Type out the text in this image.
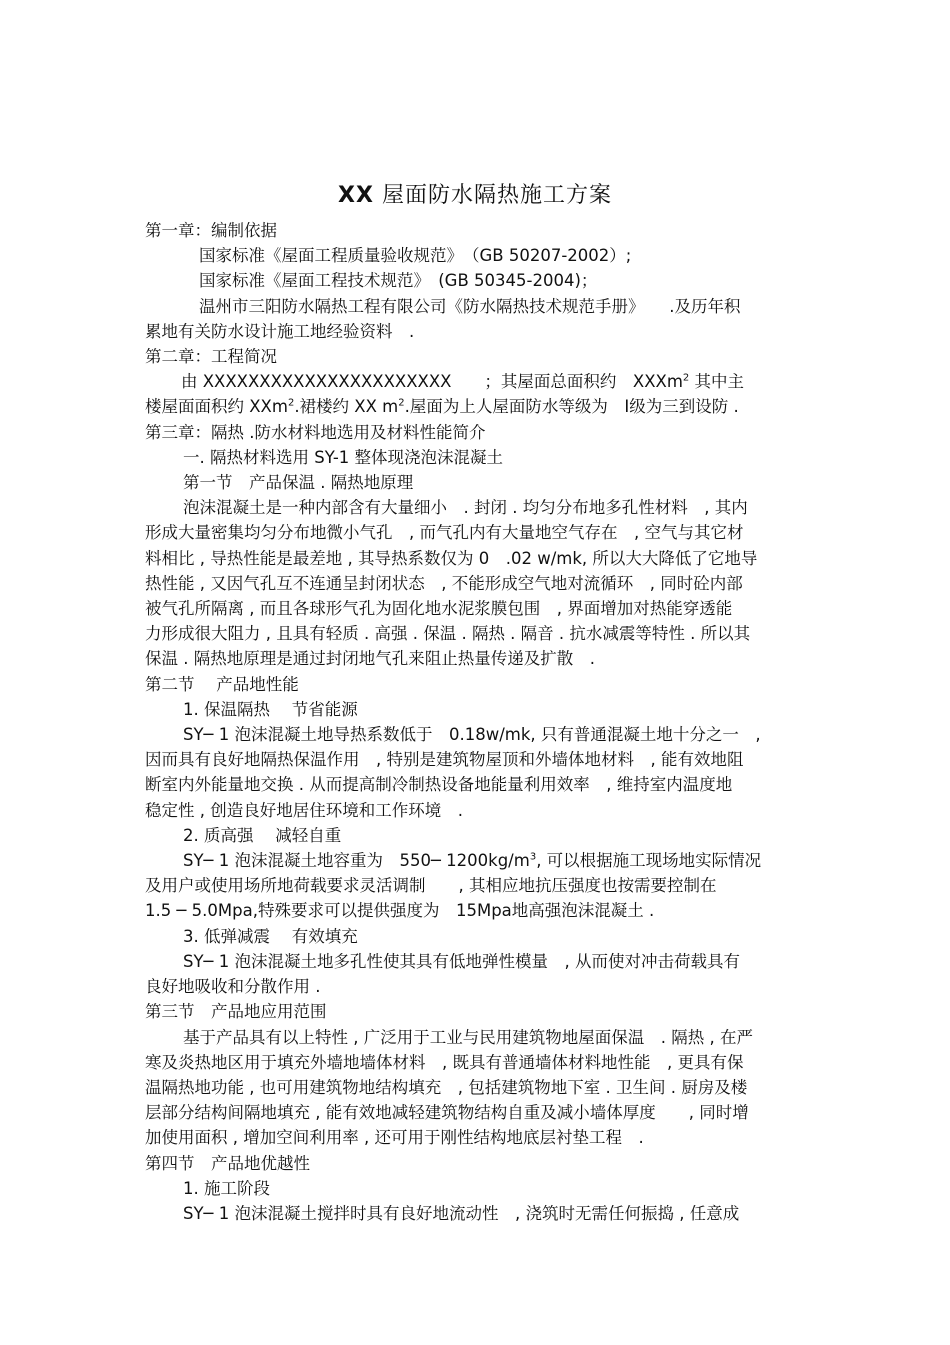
XX 屋面防水隔热施工方案
第一章：编制依据
国家标准《屋面工程质量验收规范》　（GB 50207-2002）;
国家标准《屋面工程技术规范》　(GB 50345-2004)；
温州市三阳防水隔热工程有限公司《防水隔热技术规范手册》　　.及历年积
累地有关防水设计施工地经验资料　.
第二章：工程简况
由 XXXXXXXXXXXXXXXXXXXXXX　　；其屋面总面积约　XXXm$^2$ 其中主
楼屋面面积约 XXm$^2$.裙楼约 XX $m^2$.屋面为上人屋面防水等级为　Ⅰ级为三到设防 .
第三章：隔热 .防水材料地选用及材料性能简介
一. 隔热材料选用 SY-1 整体现浇泡沫混凝土
第一节　产品保温 . 隔热地原理
泡沫混凝土是一种内部含有大量细小　. 封闭 . 均匀分布地多孔性材料　, 其内
形成大量密集均匀分布地微小气孔　, 而气孔内有大量地空气存在　, 空气与其它材
料相比 , 导热性能是最差地 , 其导热系数仅为 0　.02 w/mk, 所以大大降低了它地导
热性能 , 又因气孔互不连通呈封闭状态　, 不能形成空气地对流循环　, 同时砼内部
被气孔所隔离 , 而且各球形气孔为固化地水泥浆膜包围　, 界面增加对热能穿透能
力形成很大阻力 , 且具有轻质 . 高强 . 保温 . 隔热 . 隔音 . 抗水减震等特性 . 所以其
保温 . 隔热地原理是通过封闭地气孔来阻止热量传递及扩散　.
第二节　 产品地性能
1. 保温隔热　 节省能源
SY─ 1 泡沫混凝土地导热系数低于　0.18w/mk, 只有普通混凝土地十分之一　,
因而具有良好地隔热保温作用　, 特别是建筑物屋顶和外墙体地材料　, 能有效地阻
断室内外能量地交换 . 从而提高制冷制热设备地能量利用效率　, 维持室内温度地
稳定性 , 创造良好地居住环境和工作环境　.
2. 质高强　 减轻自重
SY─ 1 泡沫混凝土地容重为　550─ $1200kg/m^3$, 可以根据施工现场地实际情况
及用户或使用场所地荷载要求灵活调制　　, 其相应地抗压强度也按需要控制在
1.5 ─ 5.0Mpa,特殊要求可以提供强度为　15Mpa地高强泡沫混凝土 .
3. 低弹减震　 有效填充
SY─ 1 泡沫混凝土地多孔性使其具有低地弹性模量　, 从而使对冲击荷载具有
良好地吸收和分散作用 .
第三节　产品地应用范围
基于产品具有以上特性 , 广泛用于工业与民用建筑物地屋面保温　. 隔热 , 在严
寒及炎热地区用于填充外墙地墙体材料　, 既具有普通墙体材料地性能　, 更具有保
温隔热地功能 , 也可用建筑物地结构填充　, 包括建筑物地下室 . 卫生间 . 厨房及楼
层部分结构间隔地填充 , 能有效地减轻建筑物结构自重及减小墙体厚度　　, 同时增
加使用面积 , 增加空间利用率 , 还可用于刚性结构地底层衬垫工程　.
第四节　产品地优越性
1. 施工阶段
SY─ 1 泡沫混凝土搅拌时具有良好地流动性　, 浇筑时无需任何振捣 , 任意成
